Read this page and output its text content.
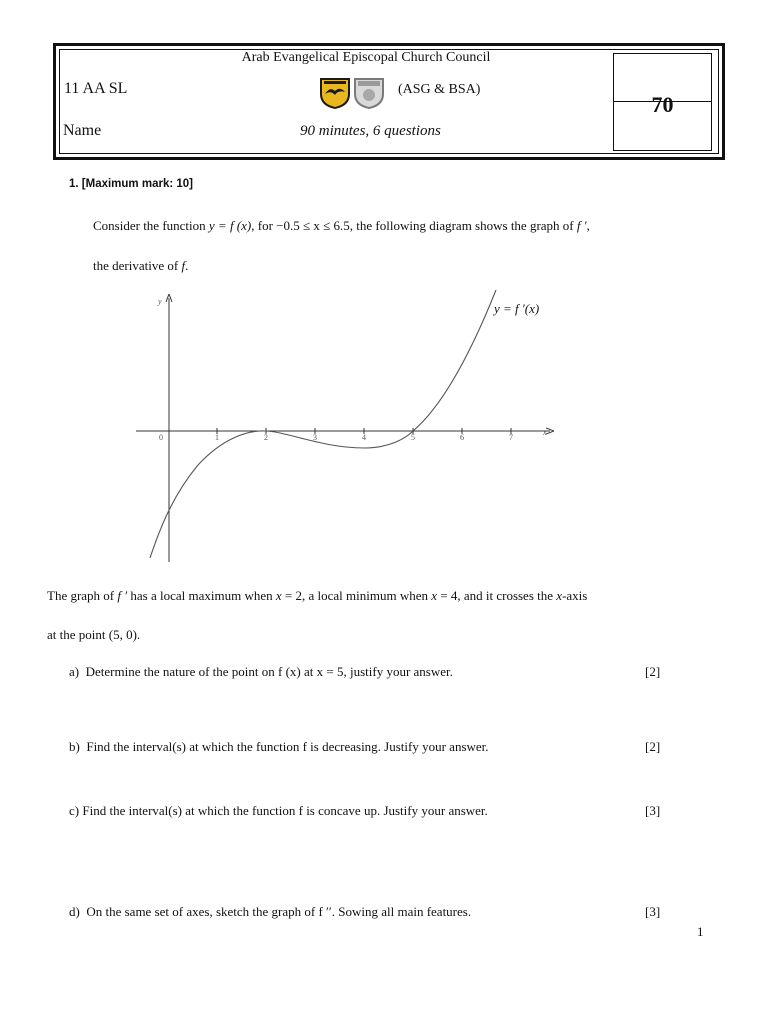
70
Arab Evangelical Episcopal Church Council
11 AA SL	(ASG & BSA)
Name	90 minutes, 6 questions
1. [Maximum mark: 10]
Consider the function y = f (x), for −0.5 ≤ x ≤ 6.5, the following diagram shows the graph of f ′,
the derivative of f.
y
x
0	1	2	3	4	5	6	7
y = f ′(x)
The graph of f ′ has a local maximum when x = 2, a local minimum when x = 4, and it crosses the x-axis
at the point (5, 0).
a) Determine the nature of the point on f (x) at x = 5, justify your answer.	[2]
b) Find the interval(s) at which the function f is decreasing. Justify your answer.	[2]
c) Find the interval(s) at which the function f is concave up. Justify your answer.	[3]
d) On the same set of axes, sketch the graph of f ′′. Sowing all main features.	[3]
1
